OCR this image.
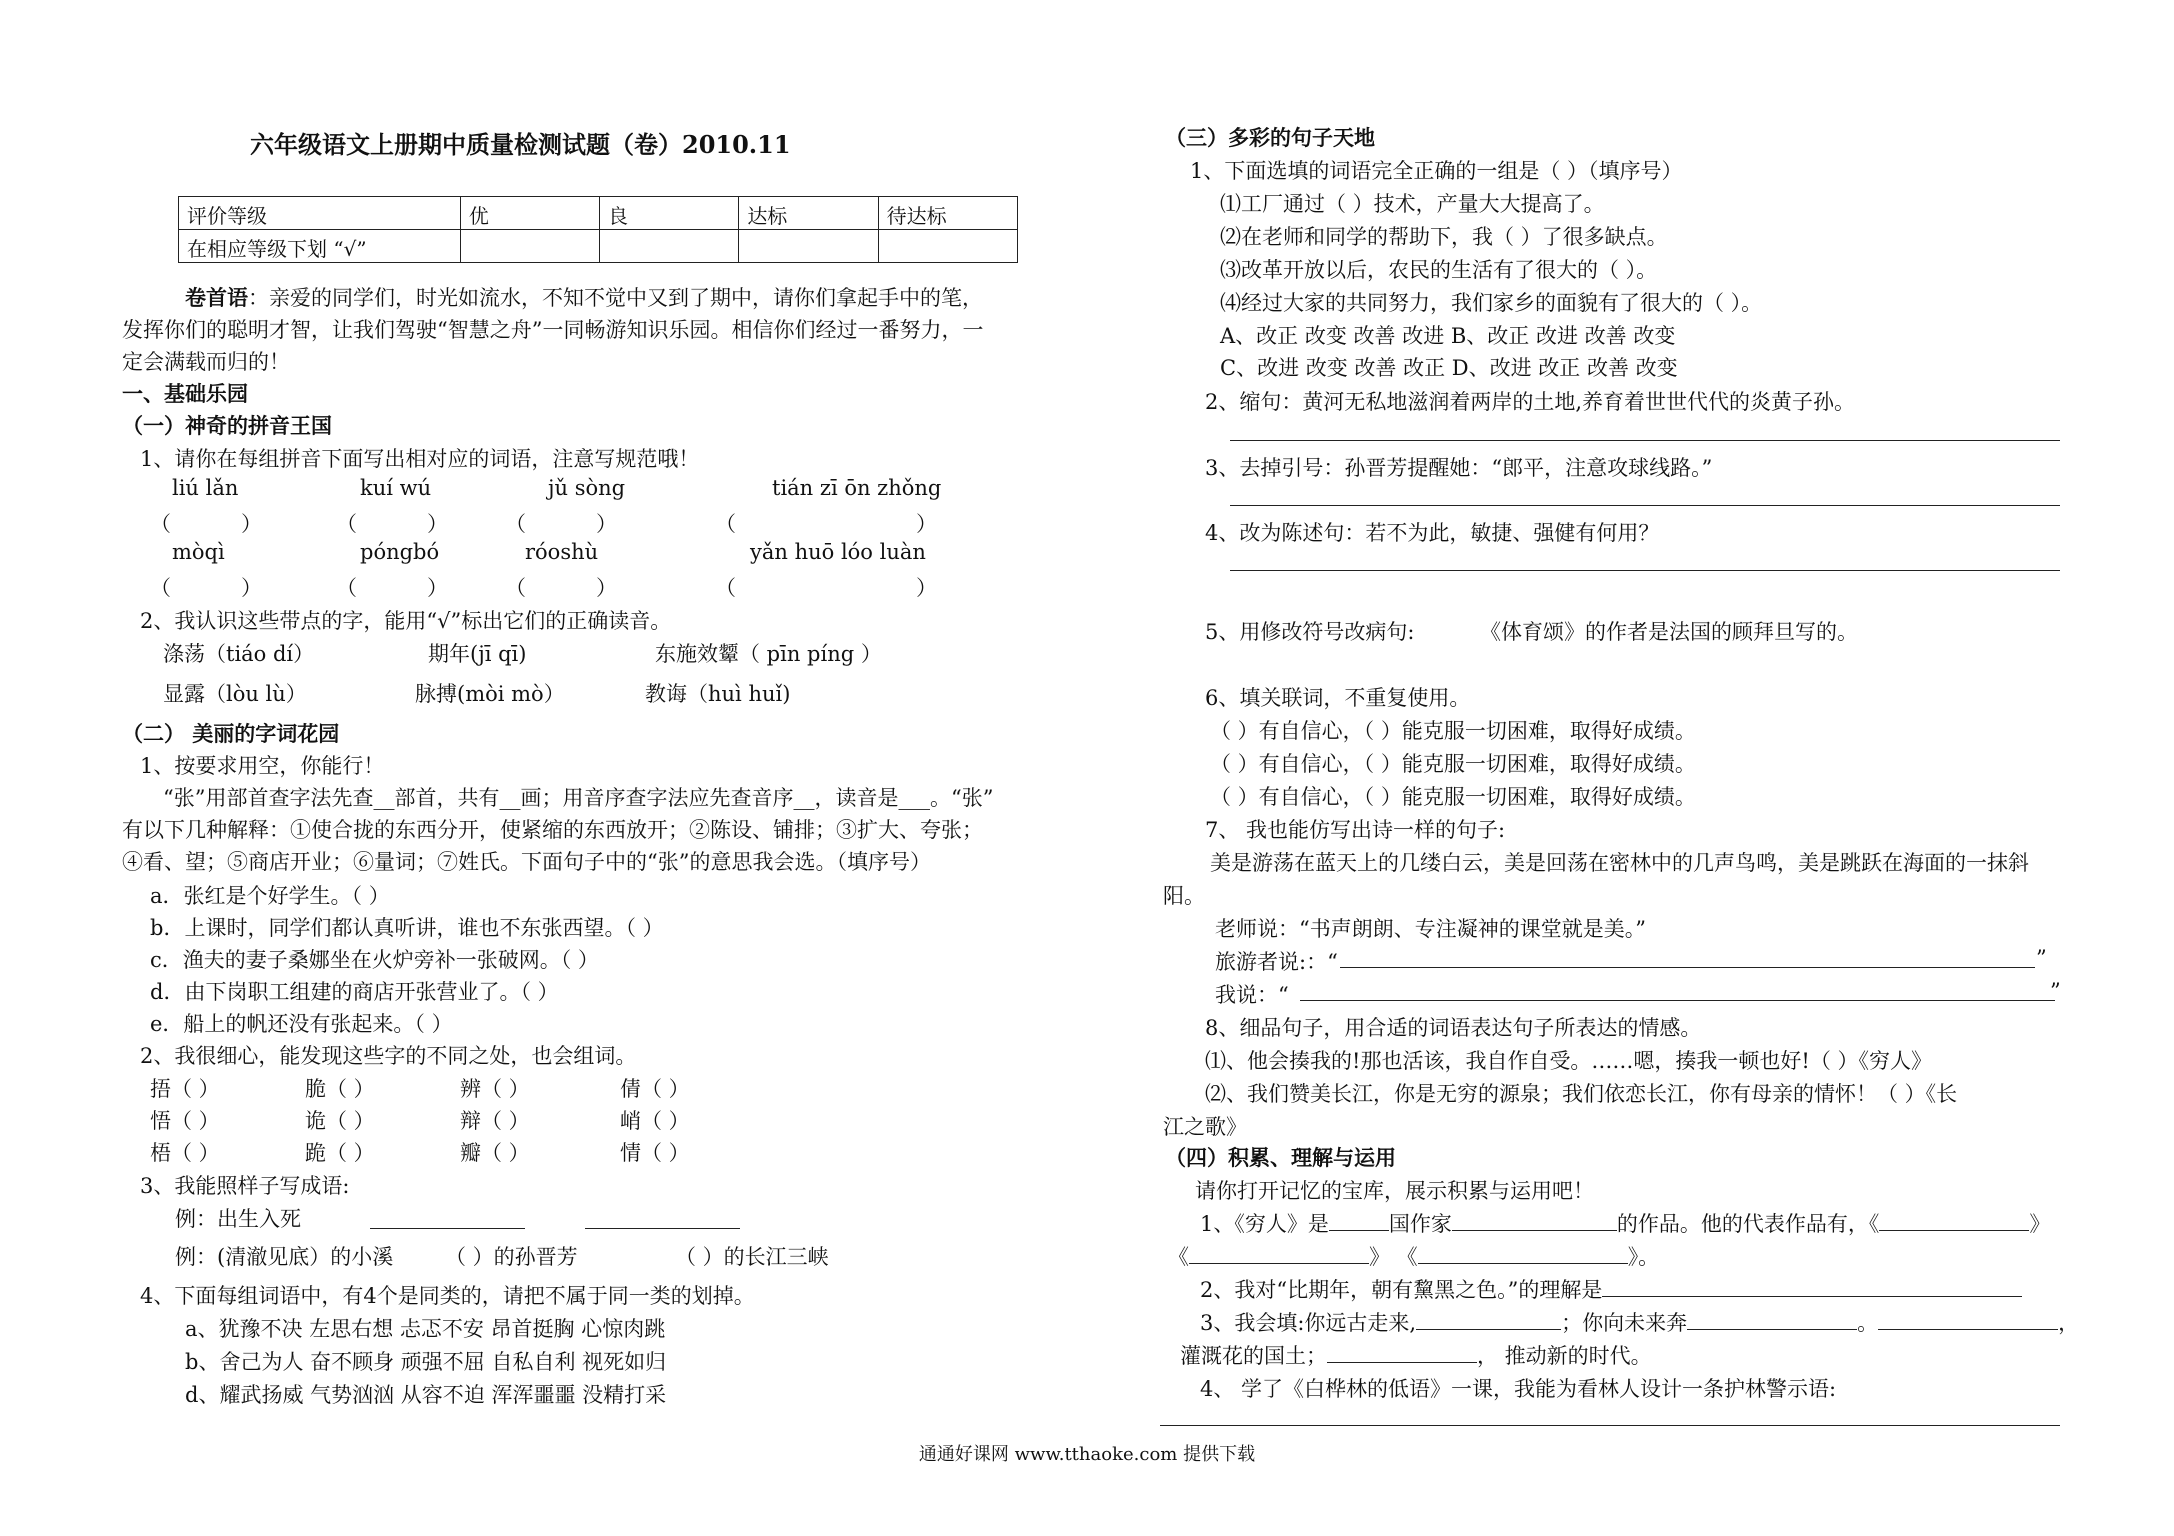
六年级语文上册期中质量检测试题（卷）2010.11
评价等级	优	良	达标	待达标
在相应等级下划 “√”				
卷首语：亲爱的同学们，时光如流水，不知不觉中又到了期中，请你们拿起手中的笔，
发挥你们的聪明才智，让我们驾驶“智慧之舟”一同畅游知识乐园。相信你们经过一番努力，一
定会满载而归的！
一、基础乐园
（一）神奇的拼音王国
1、请你在每组拼音下面写出相对应的词语，注意写规范哦！
liú lǎn	kuí wú	jǔ sòng	tián zī ōn zhǒng
（	）	（	）	（	）	（	）
mòqì	póngbó	róoshù	yǎn huō lóo luàn
（	）	（	）	（	）	（	）
2、我认识这些带点的字，能用“√”标出它们的正确读音。
涤荡（tiáo dí）	期年(jī qī)	东施效颦（ pīn píng ）
显露（lòu lù）	脉搏(mòi mò）	教诲（huì huǐ)
（二） 美丽的字词花园
1、按要求用空，你能行！
“张”用部首查字法先查__部首，共有__画；用音序查字法应先查音序__，读音是___。“张”
有以下几种解释：①使合拢的东西分开，使紧缩的东西放开；②陈设、铺排；③扩大、夸张；
④看、望；⑤商店开业；⑥量词；⑦姓氏。下面句子中的“张”的意思我会选。（填序号）
a．张红是个好学生。（ ）
b．上课时，同学们都认真听讲，谁也不东张西望。（ ）
c．渔夫的妻子桑娜坐在火炉旁补一张破网。（ ）
d．由下岗职工组建的商店开张营业了。（ ）
e．船上的帆还没有张起来。（ ）
2、我很细心，能发现这些字的不同之处，也会组词。
捂（ ）	脆（ ）	辨（ ）	倩（ ）
悟（ ）	诡（ ）	辩（ ）	峭（ ）
梧（ ）	跪（ ）	瓣（ ）	情（ ）
3、我能照样子写成语:
例：出生入死
例：(清澈见底）的小溪 （ ）的孙晋芳	（ ）的长江三峡
4、下面每组词语中，有4个是同类的，请把不属于同一类的划掉。
a、犹豫不决 左思右想 忐忑不安 昂首挺胸 心惊肉跳
b、舍己为人 奋不顾身 顽强不屈 自私自利 视死如归
d、耀武扬威 气势汹汹 从容不迫 浑浑噩噩 没精打采
（三）多彩的句子天地
1、下面选填的词语完全正确的一组是（ ）（填序号）
⑴工厂通过（ ）技术，产量大大提高了。
⑵在老师和同学的帮助下，我（ ）了很多缺点。
⑶改革开放以后，农民的生活有了很大的（ ）。
⑷经过大家的共同努力，我们家乡的面貌有了很大的（ ）。
A、改正 改变 改善 改进 B、改正 改进 改善 改变
C、改进 改变 改善 改正 D、改进 改正 改善 改变
2、缩句：黄河无私地滋润着两岸的土地,养育着世世代代的炎黄子孙。
3、去掉引号：孙晋芳提醒她：“郎平，注意攻球线路。”
4、改为陈述句：若不为此，敏捷、强健有何用？
5、用修改符号改病句:	《体育颂》的作者是法国的顾拜旦写的。
6、填关联词，不重复使用。
（ ）有自信心，（ ）能克服一切困难，取得好成绩。
（ ）有自信心，（ ）能克服一切困难，取得好成绩。
（ ）有自信心，（ ）能克服一切困难，取得好成绩。
7、 我也能仿写出诗一样的句子:
美是游荡在蓝天上的几缕白云，美是回荡在密林中的几声鸟鸣，美是跳跃在海面的一抹斜
阳。
老师说：“书声朗朗、专注凝神的课堂就是美。”
旅游者说:：“	”
我说：“	”
8、细品句子，用合适的词语表达句子所表达的情感。
⑴、他会揍我的!那也活该，我自作自受。……嗯，揍我一顿也好!（ ）《穷人》
⑵、我们赞美长江，你是无穷的源泉；我们依恋长江，你有母亲的情怀！（ ）《长
江之歌》
（四）积累、理解与运用
请你打开记忆的宝库，展示积累与运用吧！
1、《穷人》是	国作家	的作品。他的代表作品有，《	》
《	》 《	》。
2、我对“比期年，朝有黧黑之色。”的理解是
3、我会填:你远古走来,	；你向未来奔	。	，
灌溉花的国土；	， 推动新的时代。
4、 学了《白桦林的低语》一课，我能为看林人设计一条护林警示语:
通通好课网 www.tthaoke.com 提供下载
